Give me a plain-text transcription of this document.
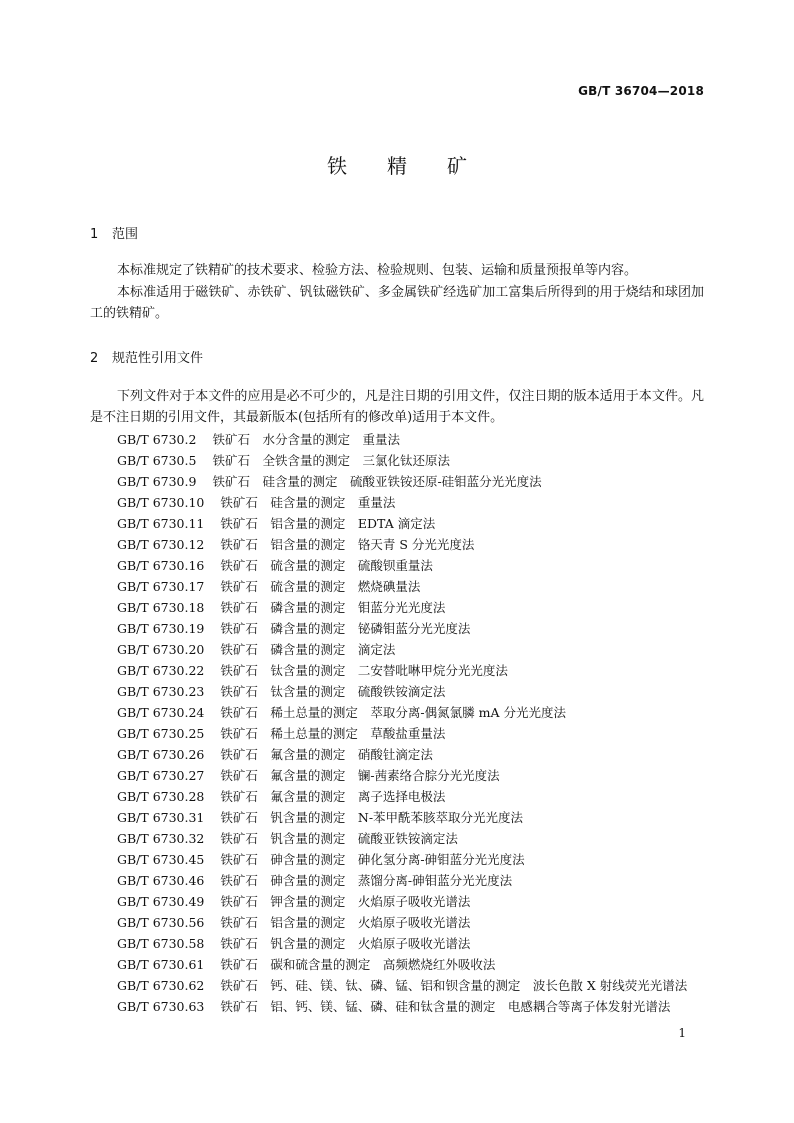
GB/T 36704—2018
铁精矿
1 范围

本标准规定了铁精矿的技术要求、检验方法、检验规则、包装、运输和质量预报单等内容。

本标准适用于磁铁矿、赤铁矿、钒钛磁铁矿、多金属铁矿经选矿加工富集后所得到的用于烧结和球团加工的铁精矿。

2 规范性引用文件

下列文件对于本文件的应用是必不可少的，凡是注日期的引用文件，仅注日期的版本适用于本文件。凡是不注日期的引用文件，其最新版本(包括所有的修改单)适用于本文件。

GB/T 6730.2 铁矿石　水分含量的测定　重量法
GB/T 6730.5 铁矿石　全铁含量的测定　三氯化钛还原法
GB/T 6730.9 铁矿石　硅含量的测定　硫酸亚铁铵还原-硅钼蓝分光光度法
GB/T 6730.10 铁矿石　硅含量的测定　重量法
GB/T 6730.11 铁矿石　铝含量的测定　EDTA 滴定法
GB/T 6730.12 铁矿石　铝含量的测定　铬天青 S 分光光度法
GB/T 6730.16 铁矿石　硫含量的测定　硫酸钡重量法
GB/T 6730.17 铁矿石　硫含量的测定　燃烧碘量法
GB/T 6730.18 铁矿石　磷含量的测定　钼蓝分光光度法
GB/T 6730.19 铁矿石　磷含量的测定　铋磷钼蓝分光光度法
GB/T 6730.20 铁矿石　磷含量的测定　滴定法
GB/T 6730.22 铁矿石　钛含量的测定　二安替吡啉甲烷分光光度法
GB/T 6730.23 铁矿石　钛含量的测定　硫酸铁铵滴定法
GB/T 6730.24 铁矿石　稀土总量的测定　萃取分离-偶氮氯膦 mA 分光光度法
GB/T 6730.25 铁矿石　稀土总量的测定　草酸盐重量法
GB/T 6730.26 铁矿石　氟含量的测定　硝酸钍滴定法
GB/T 6730.27 铁矿石　氟含量的测定　镧-茜素络合腙分光光度法
GB/T 6730.28 铁矿石　氟含量的测定　离子选择电极法
GB/T 6730.31 铁矿石　钒含量的测定　N-苯甲酰苯胲萃取分光光度法
GB/T 6730.32 铁矿石　钒含量的测定　硫酸亚铁铵滴定法
GB/T 6730.45 铁矿石　砷含量的测定　砷化氢分离-砷钼蓝分光光度法
GB/T 6730.46 铁矿石　砷含量的测定　蒸馏分离-砷钼蓝分光光度法
GB/T 6730.49 铁矿石　钾含量的测定　火焰原子吸收光谱法
GB/T 6730.56 铁矿石　铝含量的测定　火焰原子吸收光谱法
GB/T 6730.58 铁矿石　钒含量的测定　火焰原子吸收光谱法
GB/T 6730.61 铁矿石　碳和硫含量的测定　高频燃烧红外吸收法
GB/T 6730.62 铁矿石　钙、硅、镁、钛、磷、锰、铝和钡含量的测定　波长色散 X 射线荧光光谱法
GB/T 6730.63 铁矿石　铝、钙、镁、锰、磷、硅和钛含量的测定　电感耦合等离子体发射光谱法
1
